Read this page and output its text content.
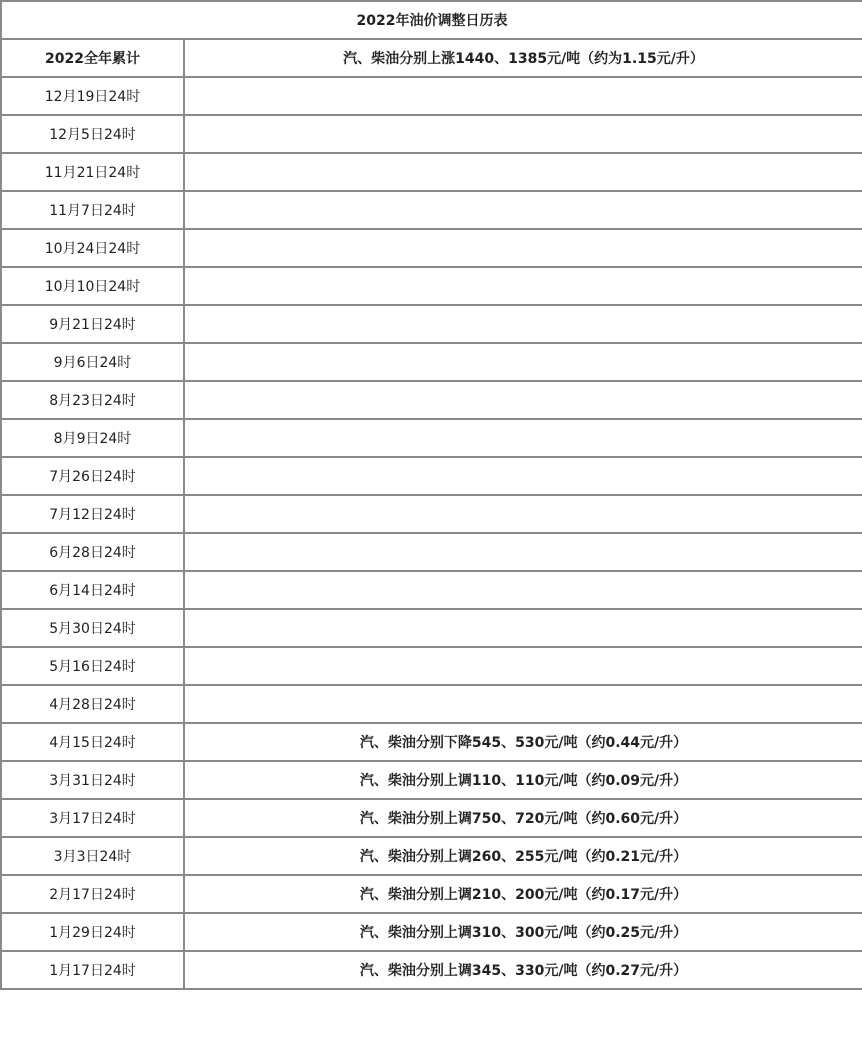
2022年油价调整日历表	
2022全年累计	汽、柴油分别上涨1440、1385元/吨（约为1.15元/升）
12月19日24时	
12月5日24时	
11月21日24时	
11月7日24时	
10月24日24时	
10月10日24时	
9月21日24时	
9月6日24时	
8月23日24时	
8月9日24时	
7月26日24时	
7月12日24时	
6月28日24时	
6月14日24时	
5月30日24时	
5月16日24时	
4月28日24时	
4月15日24时	汽、柴油分别下降545、530元/吨（约0.44元/升）
3月31日24时	汽、柴油分别上调110、110元/吨（约0.09元/升）
3月17日24时	汽、柴油分别上调750、720元/吨（约0.60元/升）
3月3日24时	汽、柴油分别上调260、255元/吨（约0.21元/升）
2月17日24时	汽、柴油分别上调210、200元/吨（约0.17元/升）
1月29日24时	汽、柴油分别上调310、300元/吨（约0.25元/升）
1月17日24时	汽、柴油分别上调345、330元/吨（约0.27元/升）
